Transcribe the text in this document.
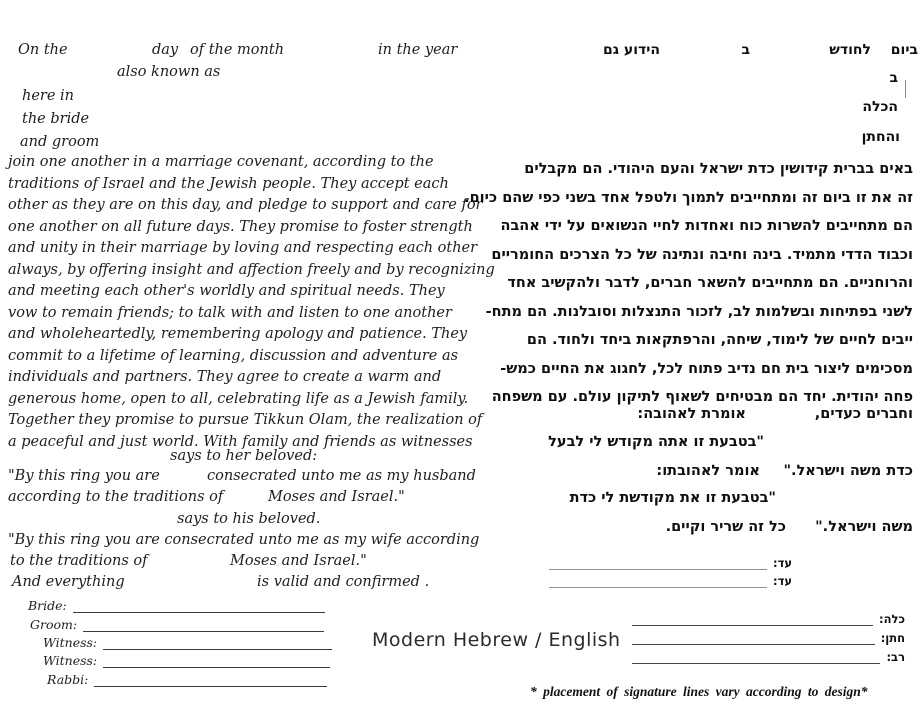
On the	day of the month	in the year
also known as
here in
the bride
and groom
join one another in a marriage covenant, according to the
traditions of Israel and the Jewish people. They accept each
other as they are on this day, and pledge to support and care for
one another on all future days. They promise to foster strength
and unity in their marriage by loving and respecting each other
always, by offering insight and affection freely and by recognizing
and meeting each other's worldly and spiritual needs. They
vow to remain friends; to talk with and listen to one another
and wholeheartedly, remembering apology and patience. They
commit to a lifetime of learning, discussion and adventure as
individuals and partners. They agree to create a warm and
generous home, open to all, celebrating life as a Jewish family.
Together they promise to pursue Tikkun Olam, the realization of
a peaceful and just world. With family and friends as witnesses
says to her beloved:
"By this ring you are	consecrated unto me as my husband
according to the traditions of	Moses and Israel."
says to his beloved.
"By this ring you are consecrated unto me as my wife according
to the traditions of	Moses and Israel."
And everything	is valid and confirmed .
Bride:
Groom:
Witness:
Witness:
Rabbi:
Modern Hebrew / English
ביום
לחודש
ב
הידוע גם
ב
הכלה
והחתן
באים בברית קידושין כדת ישראל והעם היהודי. הם מקבלים
זה את זו ביום זה ומתחייבים לתמוך ולטפל אחד בשני כפי שהם כיום.
הם מתחייבים להשרות כוח ואחדות לחיי הנשואים על ידי אהבה
וכבוד הדדי מתמיד. בינה וחיבה ונתינה של כל הצרכים החומריים
והרוחניים. הם מתחייבים להשאר חברים, לדבר ולהקשיב אחד
לשני בפתיחות ובשלמות לב, לזכור התנצלות וסובלנות. הם מתח-
ייבים לחיים של לימוד, שיחה, והרפתקאות ביחד ולחוד. הם
מסכימים ליצור בית חם נדיב פתוח לכל, לחגוג את החיים כמש-
פחה יהודית. יחד הם מבטיחים לשאוף לתיקון עולם. עם משפחה
וחברים כעדים,
אומרת לאהובה:
"בטבעת זו אתה מקודש לי לבעל
כדת משה וישראל."
אומר לאהובתו:
"בטבעת זו את מקודשת לי כדת
משה וישראל."
כל זה שריר וקיים.
עד:
עד:
כלה:
חתן:
רב:
* placement of signature lines vary according to design*
